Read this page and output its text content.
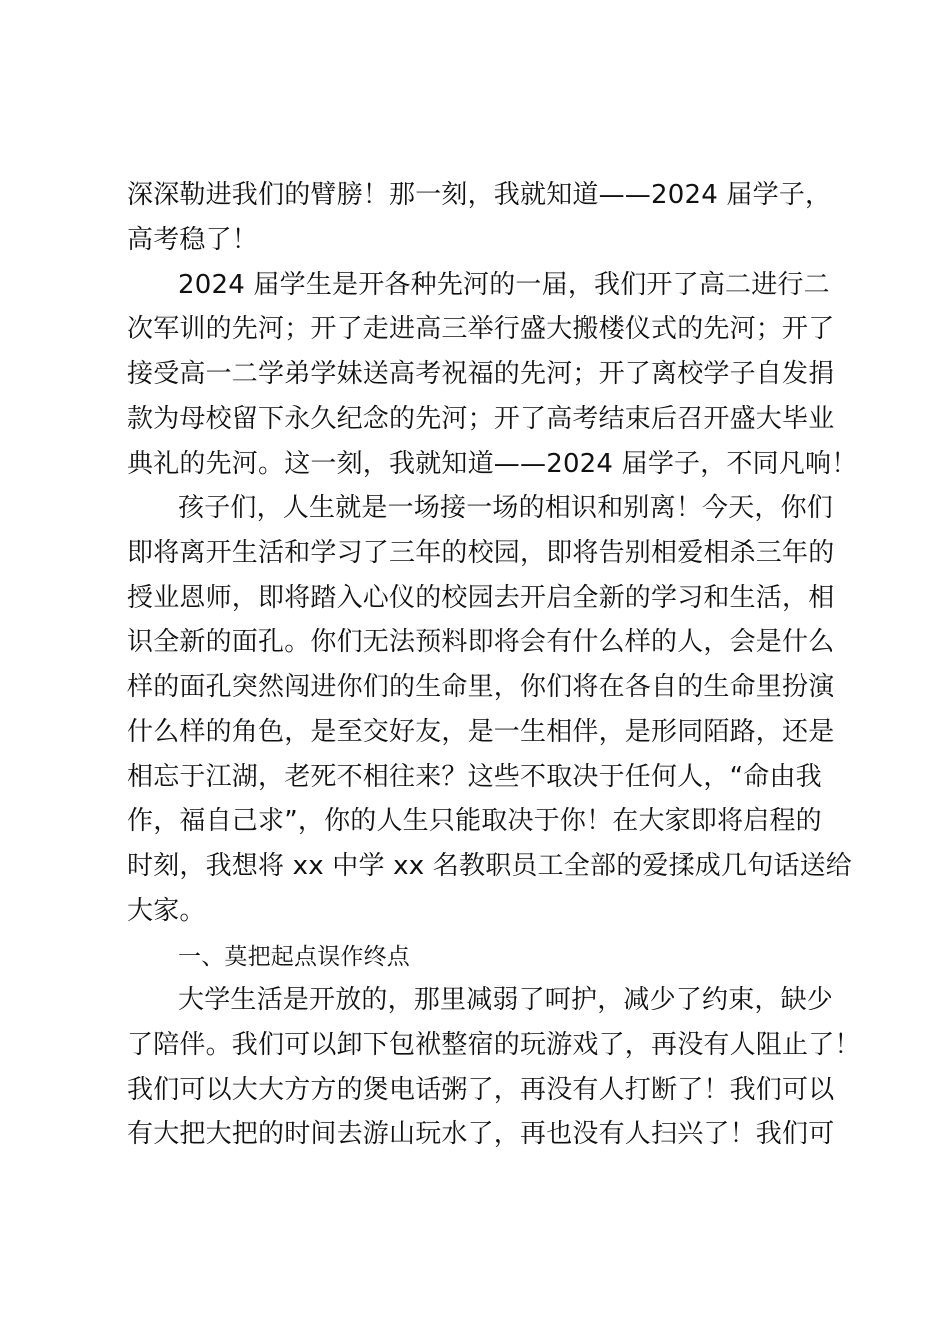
深深勒进我们的臂膀！那一刻，我就知道——2024 届学子，
高考稳了！
2024 届学生是开各种先河的一届，我们开了高二进行二
次军训的先河；开了走进高三举行盛大搬楼仪式的先河；开了
接受高一二学弟学妹送高考祝福的先河；开了离校学子自发捐
款为母校留下永久纪念的先河；开了高考结束后召开盛大毕业
典礼的先河。这一刻，我就知道——2024 届学子，不同凡响！
孩子们，人生就是一场接一场的相识和别离！今天，你们
即将离开生活和学习了三年的校园，即将告别相爱相杀三年的
授业恩师，即将踏入心仪的校园去开启全新的学习和生活，相
识全新的面孔。你们无法预料即将会有什么样的人，会是什么
样的面孔突然闯进你们的生命里，你们将在各自的生命里扮演
什么样的角色，是至交好友，是一生相伴，是形同陌路，还是
相忘于江湖，老死不相往来？这些不取决于任何人，“命由我
作，福自己求”，你的人生只能取决于你！在大家即将启程的
时刻，我想将 xx 中学 xx 名教职员工全部的爱揉成几句话送给
大家。
一、莫把起点误作终点
大学生活是开放的，那里减弱了呵护，减少了约束，缺少
了陪伴。我们可以卸下包袱整宿的玩游戏了，再没有人阻止了！
我们可以大大方方的煲电话粥了，再没有人打断了！我们可以
有大把大把的时间去游山玩水了，再也没有人扫兴了！我们可
